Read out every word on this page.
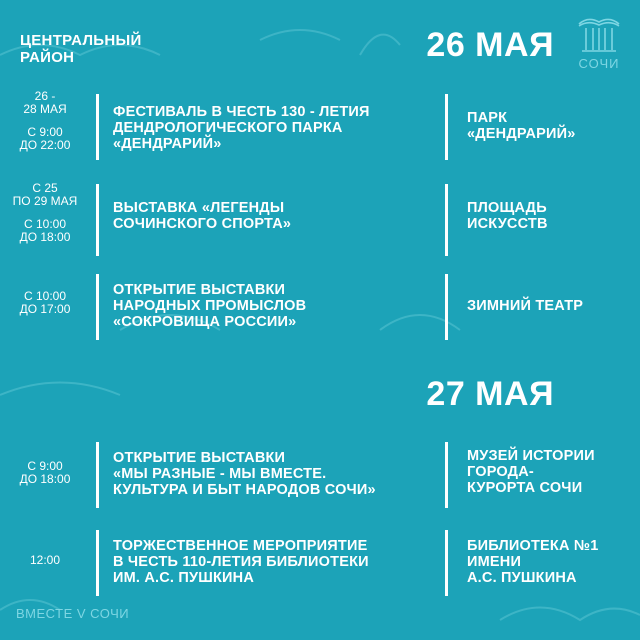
ЦЕНТРАЛЬНЫЙ
РАЙОН	26 МАЯ	СОЧИ
26 -
28 МАЯ
С 9:00
ДО 22:00
ФЕСТИВАЛЬ В ЧЕСТЬ 130 - ЛЕТИЯ
ДЕНДРОЛОГИЧЕСКОГО ПАРКА
«ДЕНДРАРИЙ»
ПАРК
«ДЕНДРАРИЙ»
С 25
ПО 29 МАЯ
С 10:00
ДО 18:00
ВЫСТАВКА «ЛЕГЕНДЫ
СОЧИНСКОГО СПОРТА»
ПЛОЩАДЬ
ИСКУССТВ
С 10:00
ДО 17:00
ОТКРЫТИЕ ВЫСТАВКИ
НАРОДНЫХ ПРОМЫСЛОВ
«СОКРОВИЩА РОССИИ»
ЗИМНИЙ ТЕАТР
27 МАЯ
С 9:00
ДО 18:00
ОТКРЫТИЕ ВЫСТАВКИ
«МЫ РАЗНЫЕ - МЫ ВМЕСТЕ.
КУЛЬТУРА И БЫТ НАРОДОВ СОЧИ»
МУЗЕЙ ИСТОРИИ
ГОРОДА-
КУРОРТА СОЧИ
12:00
ТОРЖЕСТВЕННОЕ МЕРОПРИЯТИЕ
В ЧЕСТЬ 110-ЛЕТИЯ БИБЛИОТЕКИ
ИМ. А.С. ПУШКИНА
БИБЛИОТЕКА №1
ИМЕНИ
А.С. ПУШКИНА
ВМЕСТЕ V СОЧИ
